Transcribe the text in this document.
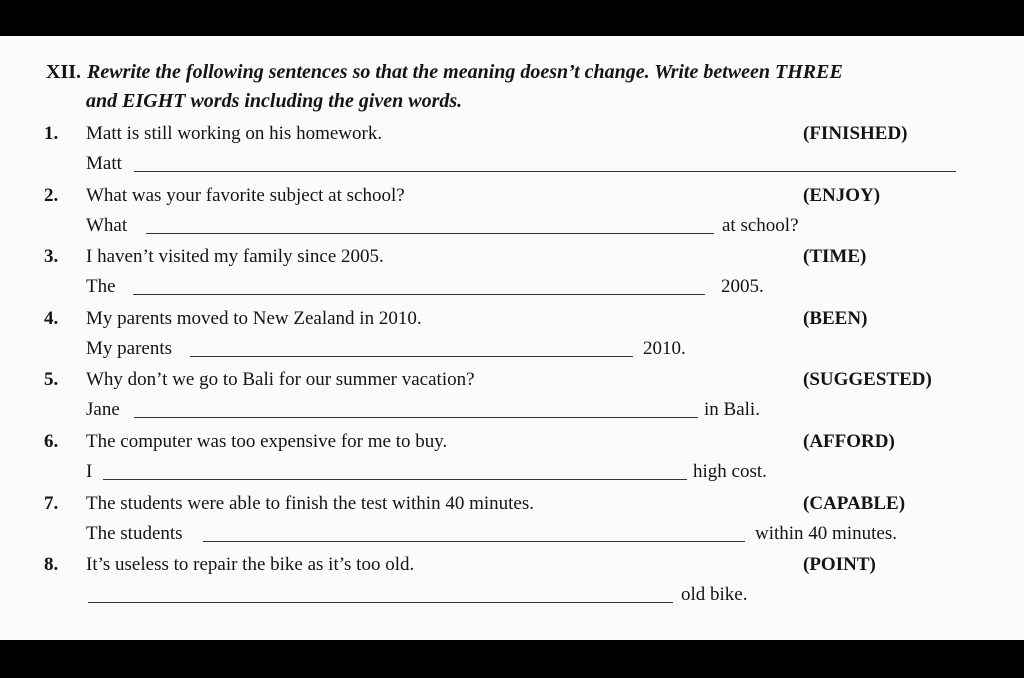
XII. Rewrite the following sentences so that the meaning doesn’t change. Write between THREE
and EIGHT words including the given words.
1.	Matt is still working on his homework.	(FINISHED)
Matt
2.	What was your favorite subject at school?	(ENJOY)
What	at school?
3.	I haven’t visited my family since 2005.	(TIME)
The	2005.
4.	My parents moved to New Zealand in 2010.	(BEEN)
My parents	2010.
5.	Why don’t we go to Bali for our summer vacation?	(SUGGESTED)
Jane	in Bali.
6.	The computer was too expensive for me to buy.	(AFFORD)
I	high cost.
7.	The students were able to finish the test within 40 minutes.	(CAPABLE)
The students	within 40 minutes.
8.	It’s useless to repair the bike as it’s too old.	(POINT)
old bike.
